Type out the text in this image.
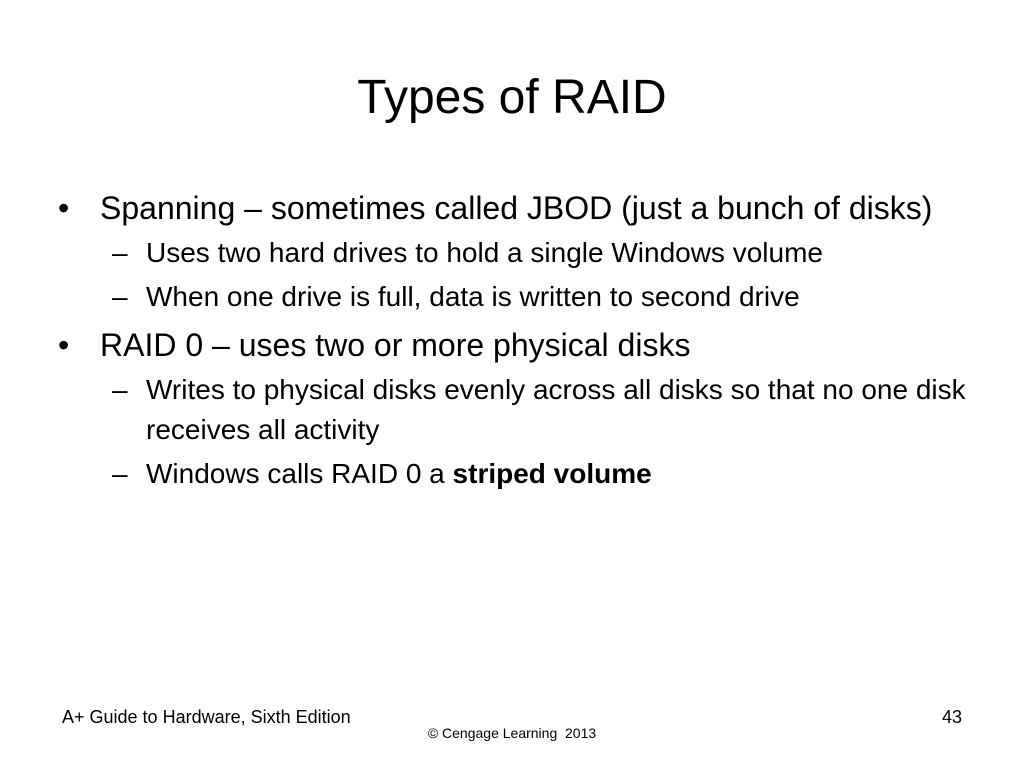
Types of RAID
• Spanning – sometimes called JBOD (just a bunch of disks)
– Uses two hard drives to hold a single Windows volume
– When one drive is full, data is written to second drive
• RAID 0 – uses two or more physical disks
– Writes to physical disks evenly across all disks so that no one disk receives all activity
– Windows calls RAID 0 a striped volume
A+ Guide to Hardware, Sixth Edition
© Cengage Learning  2013
43
